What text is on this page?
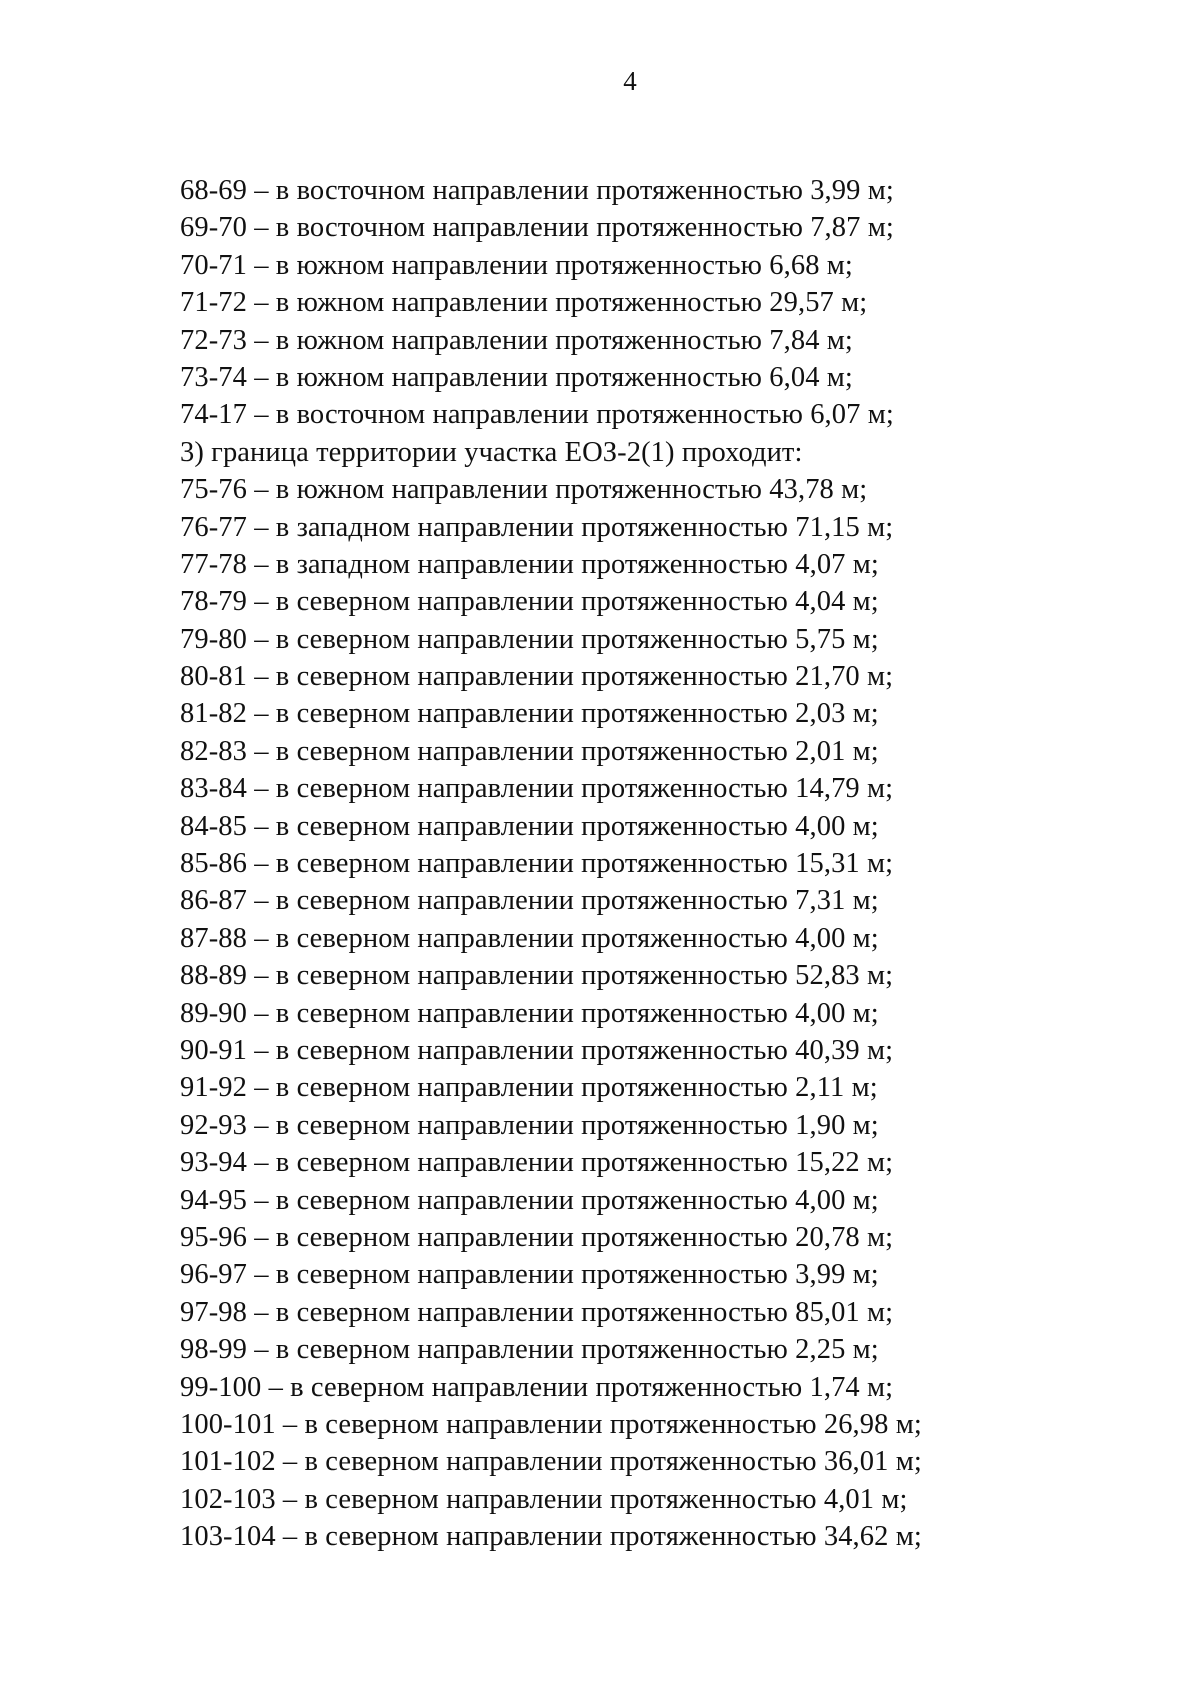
4
68-69 – в восточном направлении протяженностью 3,99 м;
69-70 – в восточном направлении протяженностью 7,87 м;
70-71 – в южном направлении протяженностью 6,68 м;
71-72 – в южном направлении протяженностью 29,57 м;
72-73 – в южном направлении протяженностью 7,84 м;
73-74 – в южном направлении протяженностью 6,04 м;
74-17 – в восточном направлении протяженностью 6,07 м;
3) граница территории участка ЕОЗ-2(1) проходит:
75-76 – в южном направлении протяженностью 43,78 м;
76-77 – в западном направлении протяженностью 71,15 м;
77-78 – в западном направлении протяженностью 4,07 м;
78-79 – в северном направлении протяженностью 4,04 м;
79-80 – в северном направлении протяженностью 5,75 м;
80-81 – в северном направлении протяженностью 21,70 м;
81-82 – в северном направлении протяженностью 2,03 м;
82-83 – в северном направлении протяженностью 2,01 м;
83-84 – в северном направлении протяженностью 14,79 м;
84-85 – в северном направлении протяженностью 4,00 м;
85-86 – в северном направлении протяженностью 15,31 м;
86-87 – в северном направлении протяженностью 7,31 м;
87-88 – в северном направлении протяженностью 4,00 м;
88-89 – в северном направлении протяженностью 52,83 м;
89-90 – в северном направлении протяженностью 4,00 м;
90-91 – в северном направлении протяженностью 40,39 м;
91-92 – в северном направлении протяженностью 2,11 м;
92-93 – в северном направлении протяженностью 1,90 м;
93-94 – в северном направлении протяженностью 15,22 м;
94-95 – в северном направлении протяженностью 4,00 м;
95-96 – в северном направлении протяженностью 20,78 м;
96-97 – в северном направлении протяженностью 3,99 м;
97-98 – в северном направлении протяженностью 85,01 м;
98-99 – в северном направлении протяженностью 2,25 м;
99-100 – в северном направлении протяженностью 1,74 м;
100-101 – в северном направлении протяженностью 26,98 м;
101-102 – в северном направлении протяженностью 36,01 м;
102-103 – в северном направлении протяженностью 4,01 м;
103-104 – в северном направлении протяженностью 34,62 м;
